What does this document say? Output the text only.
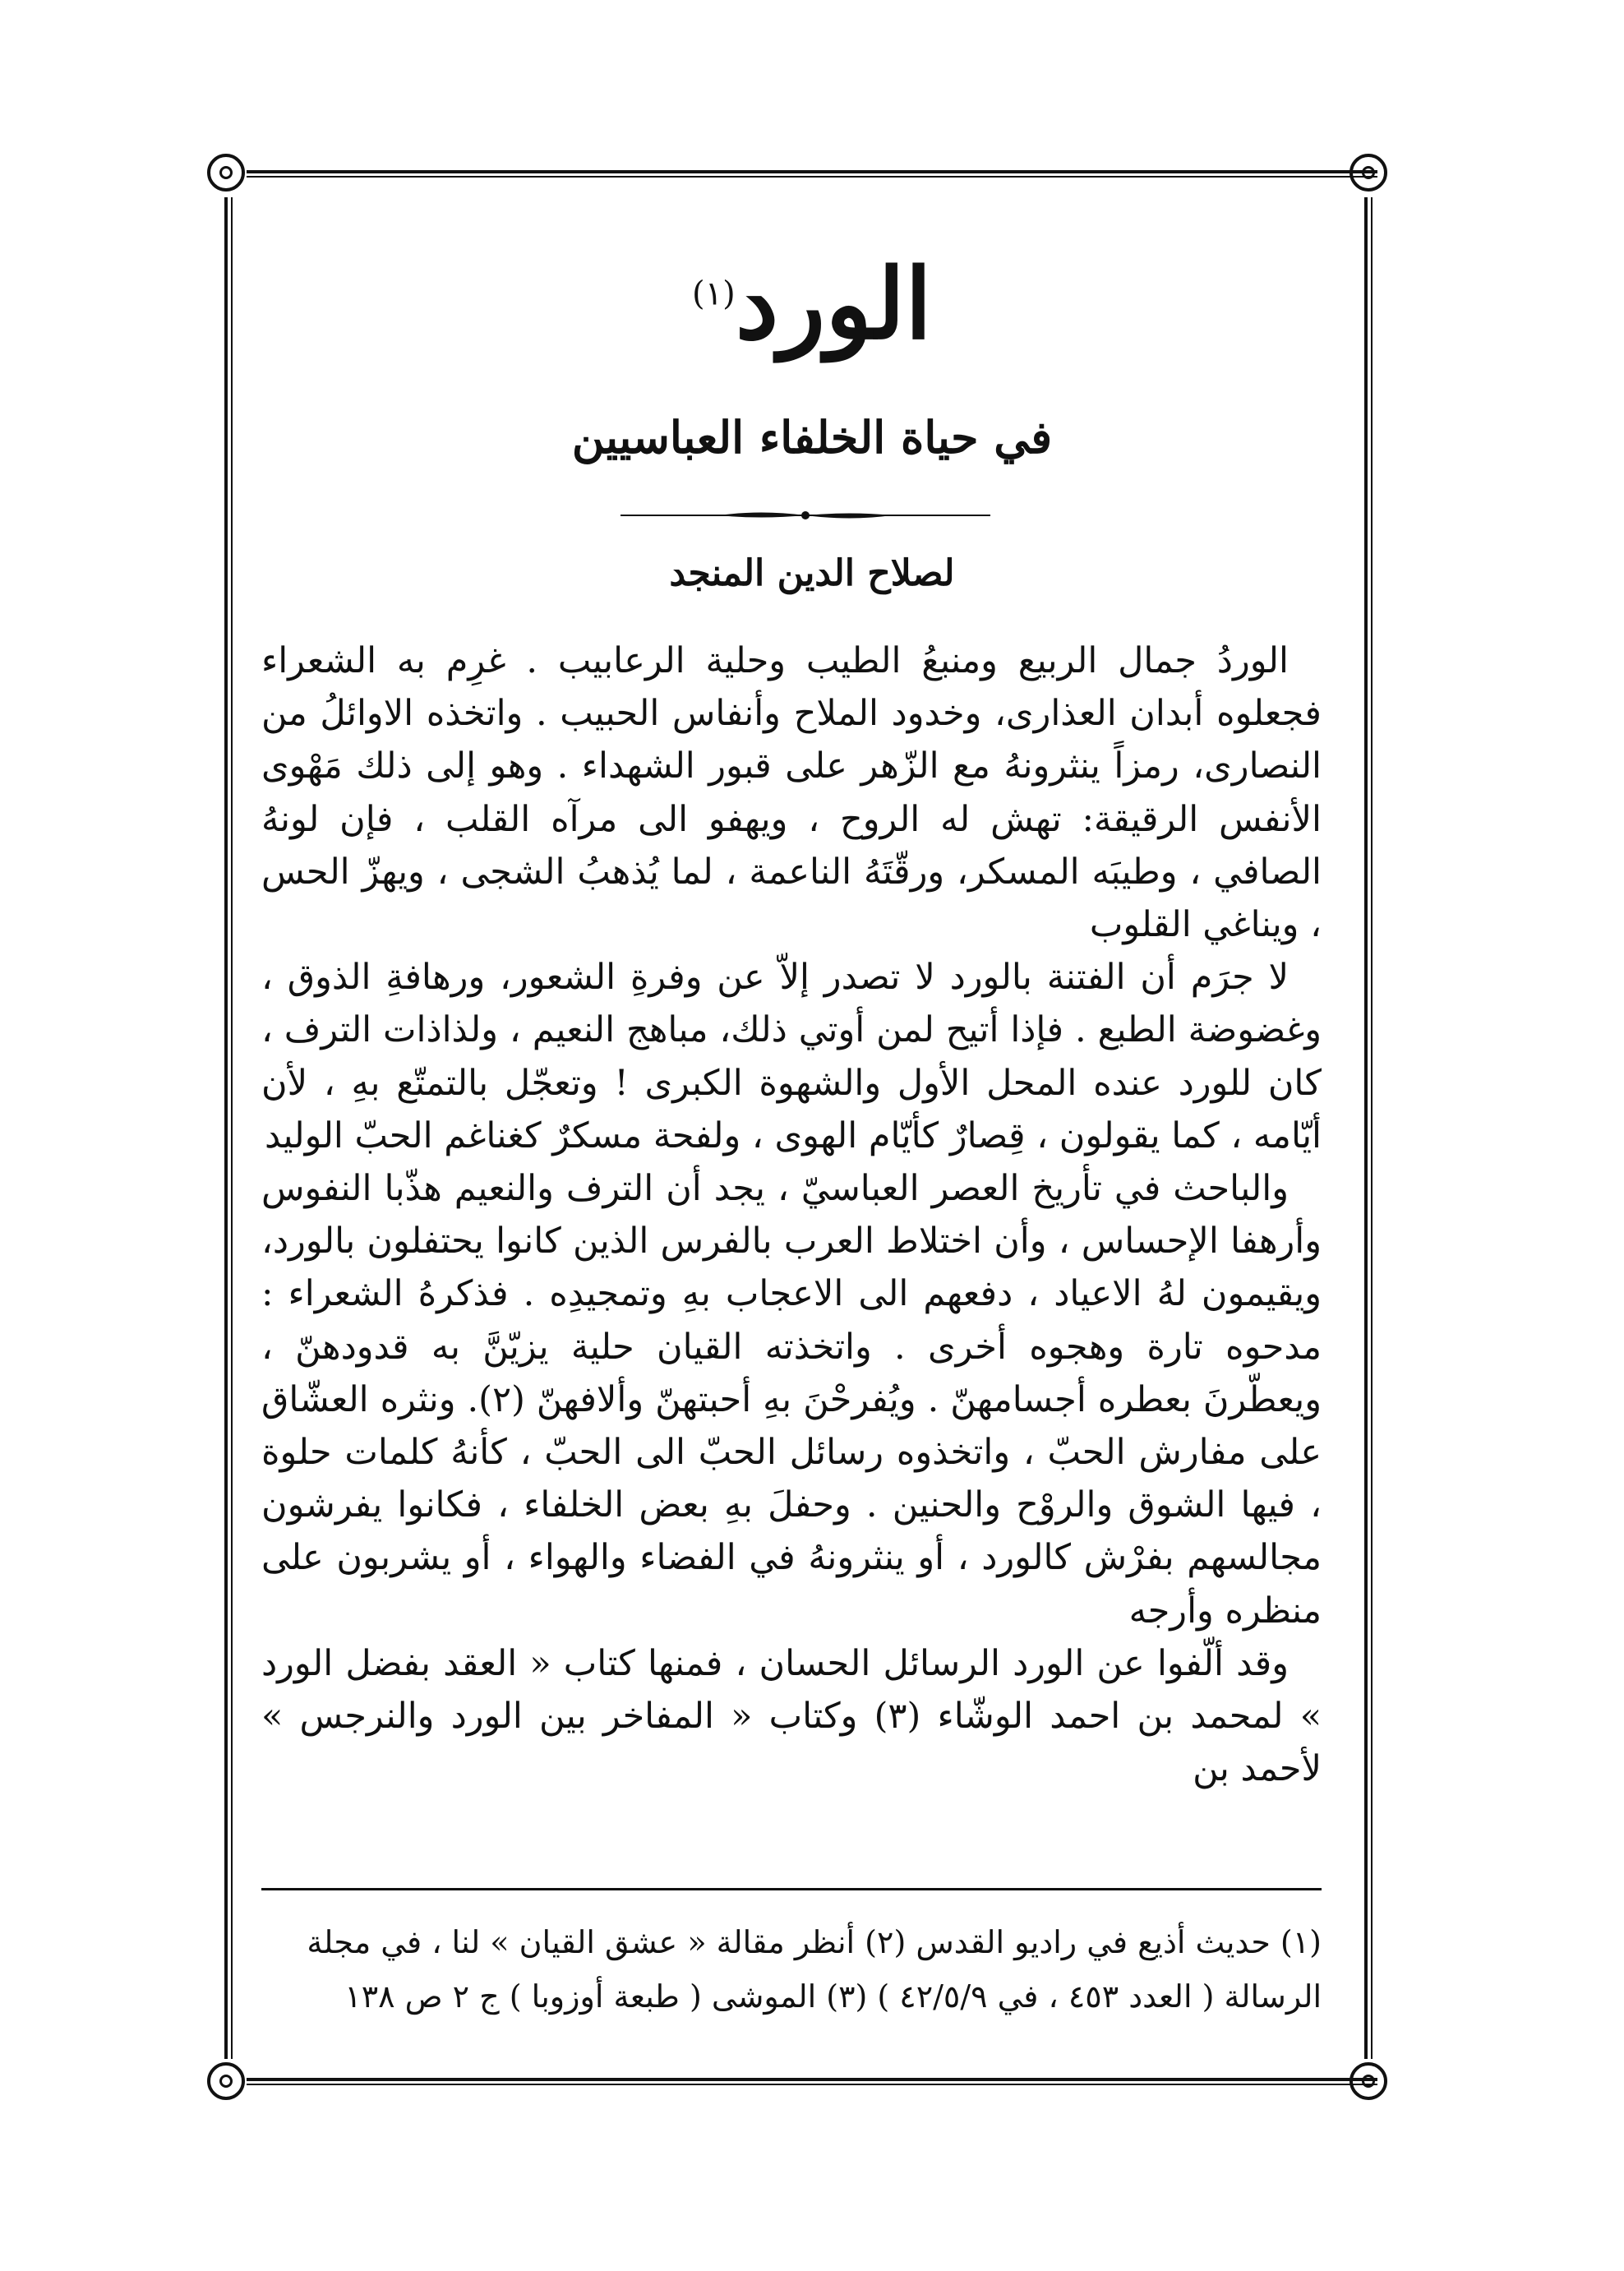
الورد$^{(١)}$
في حياة الخلفاء العباسيين
لصلاح الدين المنجد

الوردُ جمال الربيع ومنبعُ الطيب وحلية الرعابيب . غرِم به الشعراء فجعلوه أبدان العذارى، وخدود الملاح وأنفاس الحبيب . واتخذه الاوائلُ من النصارى، رمزاً ينثرونهُ مع الزّهر على قبور الشهداء . وهو إلى ذلك مَهْوى الأنفس الرقيقة: تهش له الروح ، ويهفو الى مرآه القلب ، فإن لونهُ الصافي ، وطيبَه المسكر، ورقّتَهُ الناعمة ، لما يُذهبُ الشجى ، ويهزّ الحس ، ويناغي القلوب

لا جرَم أن الفتنة بالورد لا تصدر إلاّ عن وفرةِ الشعور، ورهافةِ الذوق ، وغضوضة الطبع . فإذا أتيح لمن أوتي ذلك، مباهج النعيم ، ولذاذات الترف ، كان للورد عنده المحل الأول والشهوة الكبرى ! وتعجّل بالتمتّع بهِ ، لأن أيّامه ، كما يقولون ، قِصارٌ كأيّام الهوى ، ولفحة مسكرٌ كغناغم الحبّ الوليد

والباحث في تأريخ العصر العباسيّ ، يجد أن الترف والنعيم هذّبا النفوس وأرهفا الإحساس ، وأن اختلاط العرب بالفرس الذين كانوا يحتفلون بالورد، ويقيمون لهُ الاعياد ، دفعهم الى الاعجاب بهِ وتمجيدِه . فذكرهُ الشعراء : مدحوه تارة وهجوه أخرى . واتخذته القيان حلية يزيّنَّ به قدودهنّ ، ويعطّرنَ بعطره أجسامهنّ . ويُفرحْنَ بهِ أحبتهنّ وألافهنّ (٢). ونثره العشّاق على مفارش الحبّ ، واتخذوه رسائل الحبّ الى الحبّ ، كأنهُ كلمات حلوة ، فيها الشوق والروْح والحنين . وحفلَ بهِ بعض الخلفاء ، فكانوا يفرشون مجالسهم بفرْش كالورد ، أو ينثرونهُ في الفضاء والهواء ، أو يشربون على منظره وأرجه

وقد ألّفوا عن الورد الرسائل الحسان ، فمنها كتاب « العقد بفضل الورد » لمحمد بن احمد الوشّاء (٣) وكتاب « المفاخر بين الورد والنرجس » لأحمد بن

(١) حديث أذيع في راديو القدس (٢) أنظر مقالة « عشق القيان » لنا ، في مجلة

الرسالة ( العدد ٤٥٣ ، في ٤٢/٥/٩ ) (٣) الموشى ( طبعة أوزوبا ) ج ٢ ص ١٣٨
